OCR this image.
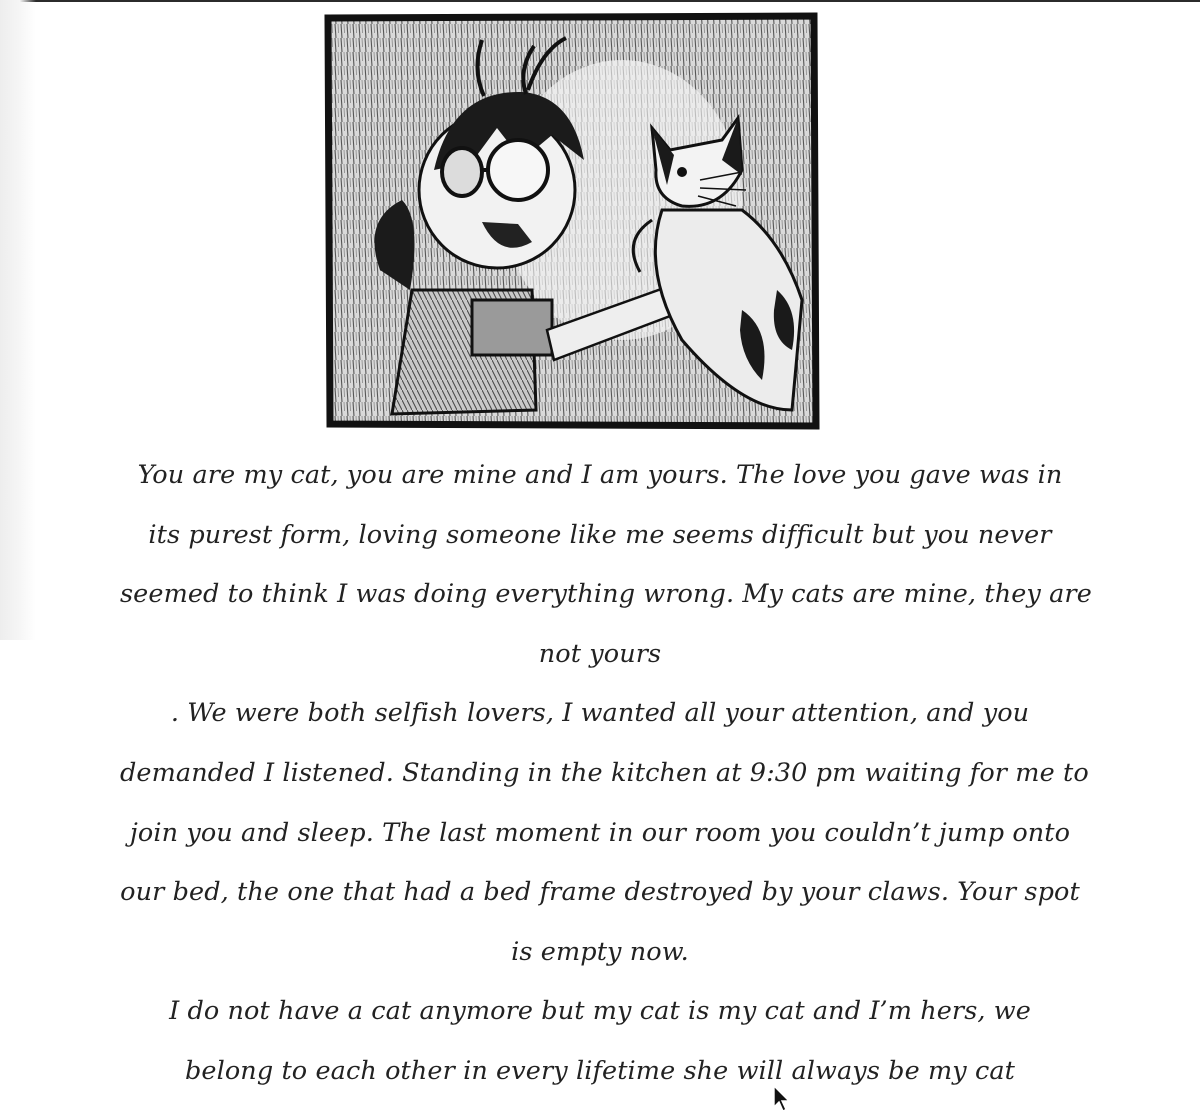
You are my cat, you are mine and I am yours. The love you gave was in
its purest form, loving someone like me seems difficult but you never
seemed to think I was doing everything wrong. My cats are mine, they are
not yours
. We were both selfish lovers, I wanted all your attention, and you
demanded I listened. Standing in the kitchen at 9:30 pm waiting for me to
join you and sleep. The last moment in our room you couldn’t jump onto
our bed, the one that had a bed frame destroyed by your claws. Your spot
is empty now.
I do not have a cat anymore but my cat is my cat and I’m hers, we
belong to each other in every lifetime she will always be my cat
